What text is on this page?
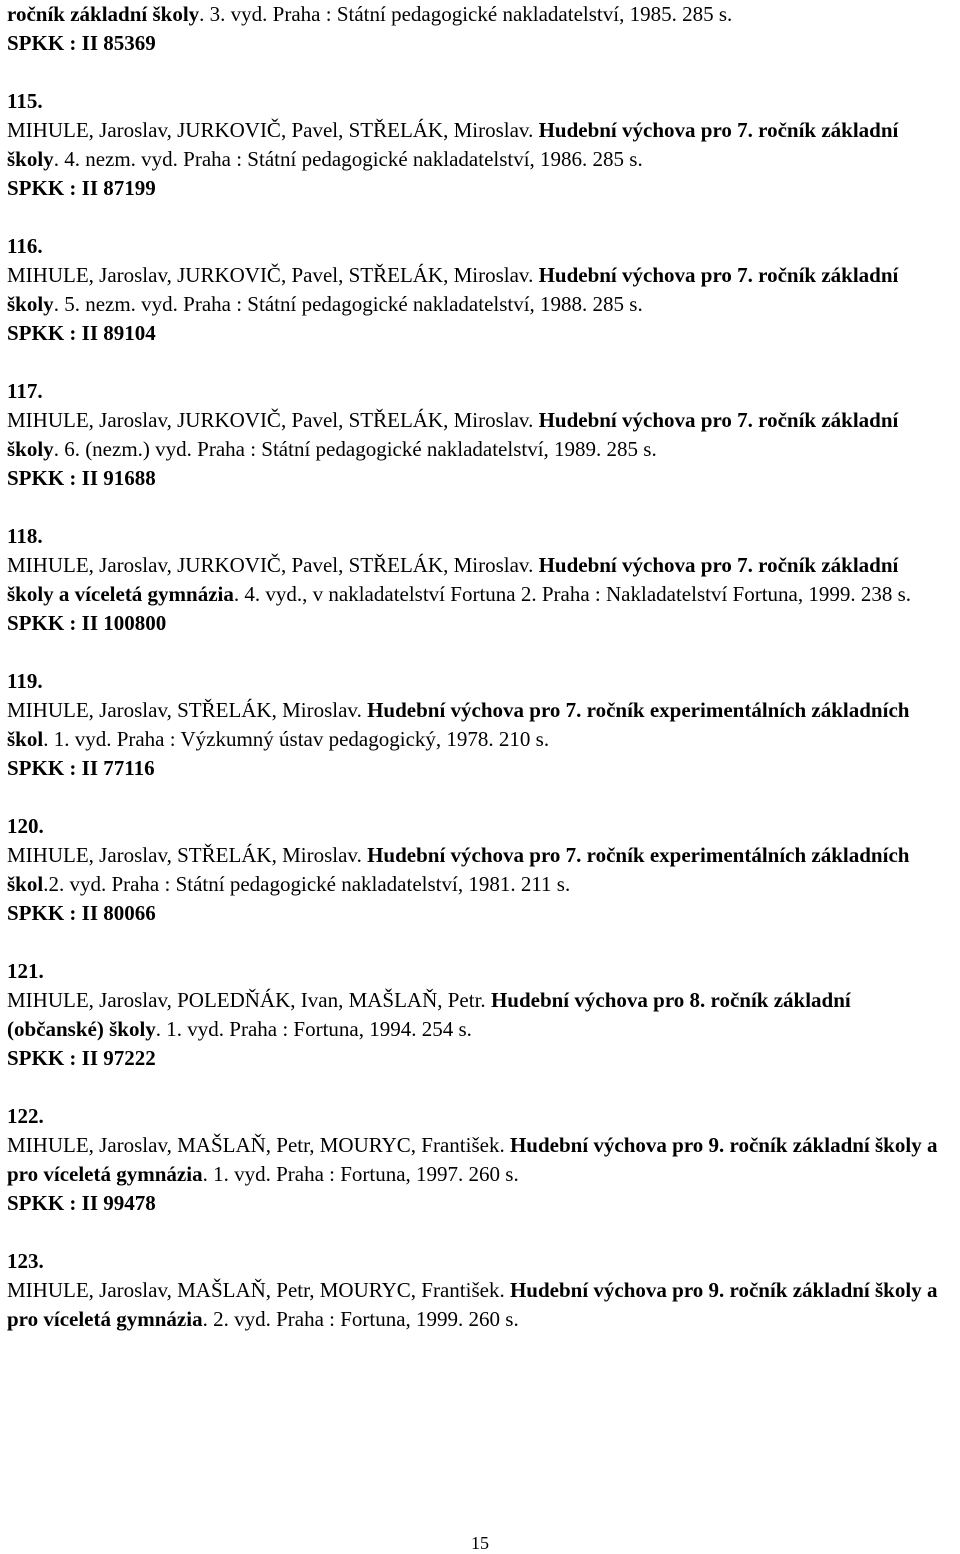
ročník základní školy. 3. vyd. Praha : Státní pedagogické nakladatelství, 1985. 285 s.
SPKK : II 85369
115.
MIHULE, Jaroslav, JURKOVIČ, Pavel, STŘELÁK, Miroslav. Hudební výchova pro 7. ročník základní školy. 4. nezm. vyd. Praha : Státní pedagogické nakladatelství, 1986. 285 s.
SPKK : II 87199
116.
MIHULE, Jaroslav, JURKOVIČ, Pavel, STŘELÁK, Miroslav. Hudební výchova pro 7. ročník základní školy. 5. nezm. vyd. Praha : Státní pedagogické nakladatelství, 1988. 285 s.
SPKK : II 89104
117.
MIHULE, Jaroslav, JURKOVIČ, Pavel, STŘELÁK, Miroslav. Hudební výchova pro 7. ročník základní školy. 6. (nezm.) vyd. Praha : Státní pedagogické nakladatelství, 1989. 285 s.
SPKK : II 91688
118.
MIHULE, Jaroslav, JURKOVIČ, Pavel, STŘELÁK, Miroslav. Hudební výchova pro 7. ročník základní školy a víceletá gymnázia. 4. vyd., v nakladatelství Fortuna 2. Praha : Nakladatelství Fortuna, 1999. 238 s.
SPKK : II 100800
119.
MIHULE, Jaroslav, STŘELÁK, Miroslav. Hudební výchova pro 7. ročník experimentálních základních škol. 1. vyd. Praha : Výzkumný ústav pedagogický, 1978. 210 s.
SPKK : II 77116
120.
MIHULE, Jaroslav, STŘELÁK, Miroslav. Hudební výchova pro 7. ročník experimentálních základních škol.2. vyd. Praha : Státní pedagogické nakladatelství, 1981. 211 s.
SPKK : II 80066
121.
MIHULE, Jaroslav, POLEDŇÁK, Ivan, MAŠLAŇ, Petr. Hudební výchova pro 8. ročník základní (občanské) školy. 1. vyd. Praha : Fortuna, 1994. 254 s.
SPKK : II 97222
122.
MIHULE, Jaroslav, MAŠLAŇ, Petr, MOURYC, František. Hudební výchova pro 9. ročník základní školy a pro víceletá gymnázia. 1. vyd. Praha : Fortuna, 1997. 260 s.
SPKK : II 99478
123.
MIHULE, Jaroslav, MAŠLAŇ, Petr, MOURYC, František. Hudební výchova pro 9. ročník základní školy a pro víceletá gymnázia. 2. vyd. Praha : Fortuna, 1999. 260 s.
15
